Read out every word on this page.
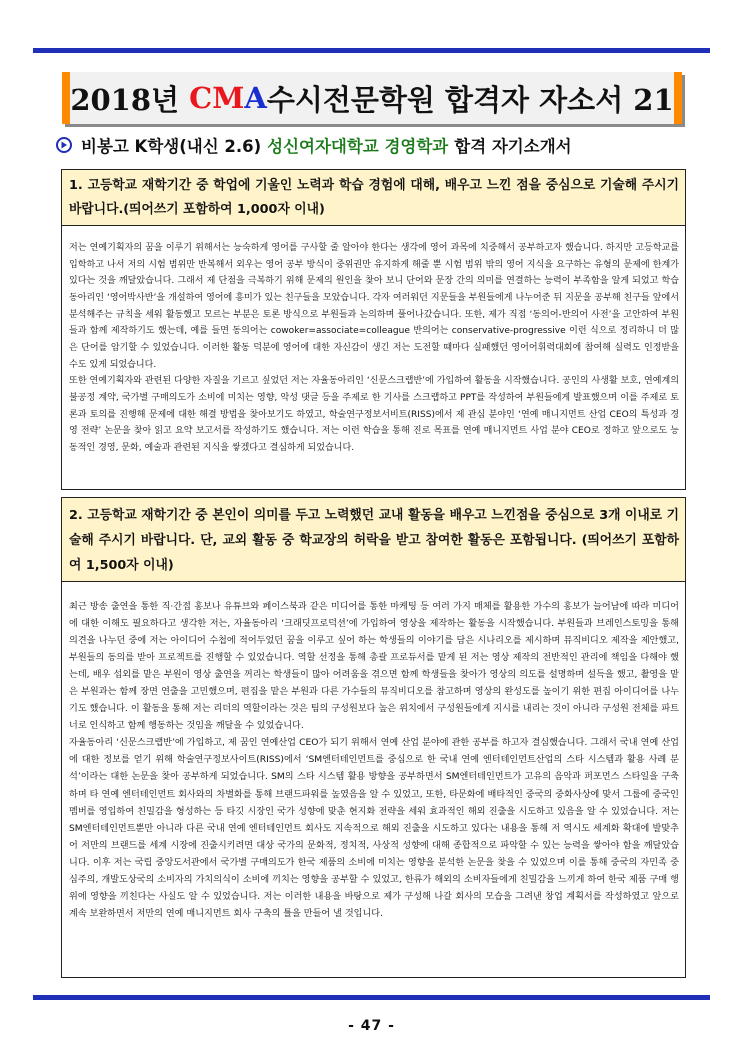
2018년 CMA 수시전문학원 합격자 자소서 21
비봉고 K학생(내신 2.6) 성신여자대학교 경영학과 합격 자기소개서
1. 고등학교 재학기간 중 학업에 기울인 노력과 학습 경험에 대해, 배우고 느낀 점을 중심으로 기술해 주시기 바랍니다.(띄어쓰기 포함하여 1,000자 이내)

저는 연예기획자의 꿈을 이루기 위해서는 능숙하게 영어를 구사할 줄 알아야 한다는 생각에 영어 과목에 치중해서 공부하고자 했습니다. 하지만 고등학교를 입학하고 나서 저의 시험 범위만 반복해서 외우는 영어 공부 방식이 중위권만 유지하게 해줄 뿐 시험 범위 밖의 영어 지식을 요구하는 유형의 문제에 한계가 있다는 것을 깨달았습니다. 그래서 제 단점을 극복하기 위해 문제의 원인을 찾아 보니 단어와 문장 간의 의미를 연결하는 능력이 부족함을 알게 되었고 학습 동아리인 ‘영어박사반’을 개설하여 영어에 흥미가 있는 친구들을 모았습니다. 각자 여러워던 지문들을 부원들에게 나누어준 뒤 지문을 공부해 친구들 앞에서 분석해주는 규칙을 세워 활동했고 모르는 부분은 토론 방식으로 부원들과 논의하며 풀어나갔습니다. 또한, 제가 직접 ‘동의어-반의어 사전’을 고안하여 부원들과 함께 제작하기도 했는데, 예를 들면 동의어는 cowoker=associate=colleague 반의어는 conservative-progressive 이런 식으로 정리하니 더 많은 단어를 암기할 수 있었습니다. 이러한 활동 덕분에 영어에 대한 자신감이 생긴 저는 도전할 때마다 실패했던 영어어휘력대회에 참여해 실력도 인정받을 수도 있게 되었습니다.

또한 연예기획자와 관련된 다양한 자질을 기르고 싶었던 저는 자율동아리인 ‘신문스크랩반’에 가입하여 활동을 시작했습니다. 공인의 사생활 보호, 연예계의 불공정 계약, 국가별 구매의도가 소비에 미치는 영향, 악성 댓글 등을 주제로 한 기사를 스크랩하고 PPT를 작성하여 부원들에게 발표했으며 이를 주제로 토론과 토의를 진행해 문제에 대한 해결 방법을 찾아보기도 하였고, 학술연구정보서비트(RISS)에서 제 관심 분야인 ‘연예 매니지먼트 산업 CEO의 특성과 경영 전략’ 논문을 찾아 읽고 요약 보고서를 작성하기도 했습니다. 저는 이런 학습을 통해 진로 목표를 연예 매니지먼트 사업 분야 CEO로 정하고 앞으로도 능동적인 경영, 문화, 예술과 관련된 지식을 쌓겠다고 결심하게 되었습니다.

2. 고등학교 재학기간 중 본인이 의미를 두고 노력했던 교내 활동을 배우고 느낀점을 중심으로 3개 이내로 기술해 주시기 바랍니다. 단, 교외 활동 중 학교장의 허락을 받고 참여한 활동은 포함됩니다. (띄어쓰기 포함하여 1,500자 이내)

최근 방송 출연을 통한 직·간접 홍보나 유튜브와 페이스북과 같은 미디어를 통한 마케팅 등 여러 가지 매체를 활용한 가수의 홍보가 늘어남에 따라 미디어에 대한 이해도 필요하다고 생각한 저는, 자율동아리 ‘크래딧프로덕션’에 가입하여 영상을 제작하는 활동을 시작했습니다. 부원들과 브레인스토밍을 통해 의견을 나누던 중에 저는 아이디어 수첩에 적어두었던 꿈을 이루고 싶어 하는 학생들의 이야기를 담은 시나리오를 제시하며 뮤직비디오 제작을 제안했고, 부원들의 동의를 받아 프로젝트를 진행할 수 있었습니다. 역할 선정을 통해 총괄 프로듀서를 맡게 된 저는 영상 제작의 전반적인 관리에 책임을 다해야 했는데, 배우 섭외를 맡은 부원이 영상 출연을 꺼리는 학생들이 많아 어려움을 겪으면 함께 학생들을 찾아가 영상의 의도를 설명하며 설득을 했고, 촬영을 맡은 부원과는 함께 장면 연출을 고민했으며, 편집을 맡은 부원과 다른 가수들의 뮤직비디오를 참고하며 영상의 완성도를 높이기 위한 편집 아이디어를 나누기도 했습니다. 이 활동을 통해 저는 리더의 역할이라는 것은 팀의 구성원보다 높은 위치에서 구성원들에게 지시를 내리는 것이 아니라 구성원 전체를 파트너로 인식하고 함께 행동하는 것임을 깨달을 수 있었습니다.

자율동아리 ‘신문스크랩반’에 가입하고, 제 꿈인 연예산업 CEO가 되기 위해서 연예 산업 분야에 관한 공부를 하고자 결심했습니다. 그래서 국내 연예 산업에 대한 정보를 얻기 위해 학술연구정보사이트(RISS)에서 ‘SM엔터테인먼트를 중심으로 한 국내 연예 엔터테인먼트산업의 스타 시스템과 활용 사례 분석’이라는 대한 논문을 찾아 공부하게 되었습니다. SM의 스타 시스템 활용 방향을 공부하면서 SM엔터테인먼트가 고유의 음악과 퍼포먼스 스타일을 구축하며 타 연예 엔터테인먼트 회사와의 차별화를 통해 브랜드파워를 높였음을 알 수 있었고, 또한, 타문화에 배타적인 중국의 중화사상에 맞서 그룹에 중국인 멤버를 영입하여 친밀감을 형성하는 등 타깃 시장인 국가 성향에 맞춘 현지화 전략을 세워 효과적인 해외 진출을 시도하고 있음을 알 수 있었습니다. 저는 SM엔터테인먼트뿐만 아니라 다른 국내 연예 엔터테인먼트 회사도 지속적으로 해외 진출을 시도하고 있다는 내용을 통해 저 역시도 세계화 확대에 발맞추어 저만의 브랜드를 세계 시장에 진출시키려면 대상 국가의 문화적, 정치적, 사상적 성향에 대해 종합적으로 파악할 수 있는 능력을 쌓아야 함을 깨달았습니다. 이후 저는 국립 중앙도서관에서 국가별 구매의도가 한국 제품의 소비에 미치는 영향을 분석한 논문을 찾을 수 있었으며 이를 통해 중국의 자민족 중심주의, 개발도상국의 소비자의 가치의식이 소비에 끼치는 영향을 공부할 수 있었고, 한류가 해외의 소비자들에게 친밀감을 느끼게 하여 한국 제품 구매 행위에 영향을 끼친다는 사실도 알 수 있었습니다. 저는 이러한 내용을 바탕으로 제가 구성해 나갈 회사의 모습을 그려낸 창업 계획서를 작성하였고 앞으로 계속 보완하면서 저만의 연예 매니지먼트 회사 구축의 틀을 만들어 낼 것입니다.

- 47 -
